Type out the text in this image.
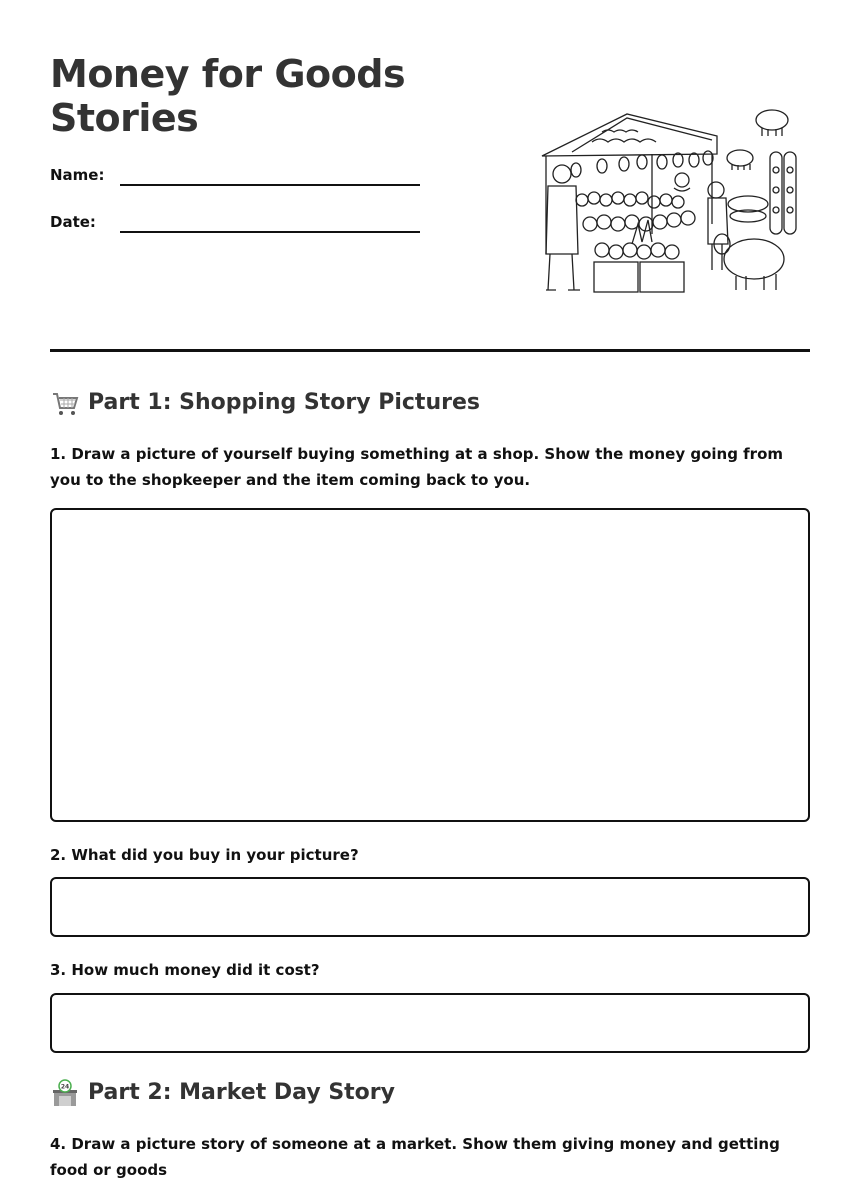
Money for Goods Stories
Name:
Date:
Part 1: Shopping Story Pictures

1. Draw a picture of yourself buying something at a shop. Show the money going from you to the shopkeeper and the item coming back to you.

2. What did you buy in your picture?

3. How much money did it cost?

24 Part 2: Market Day Story

4. Draw a picture story of someone at a market. Show them giving money and getting food or goods
